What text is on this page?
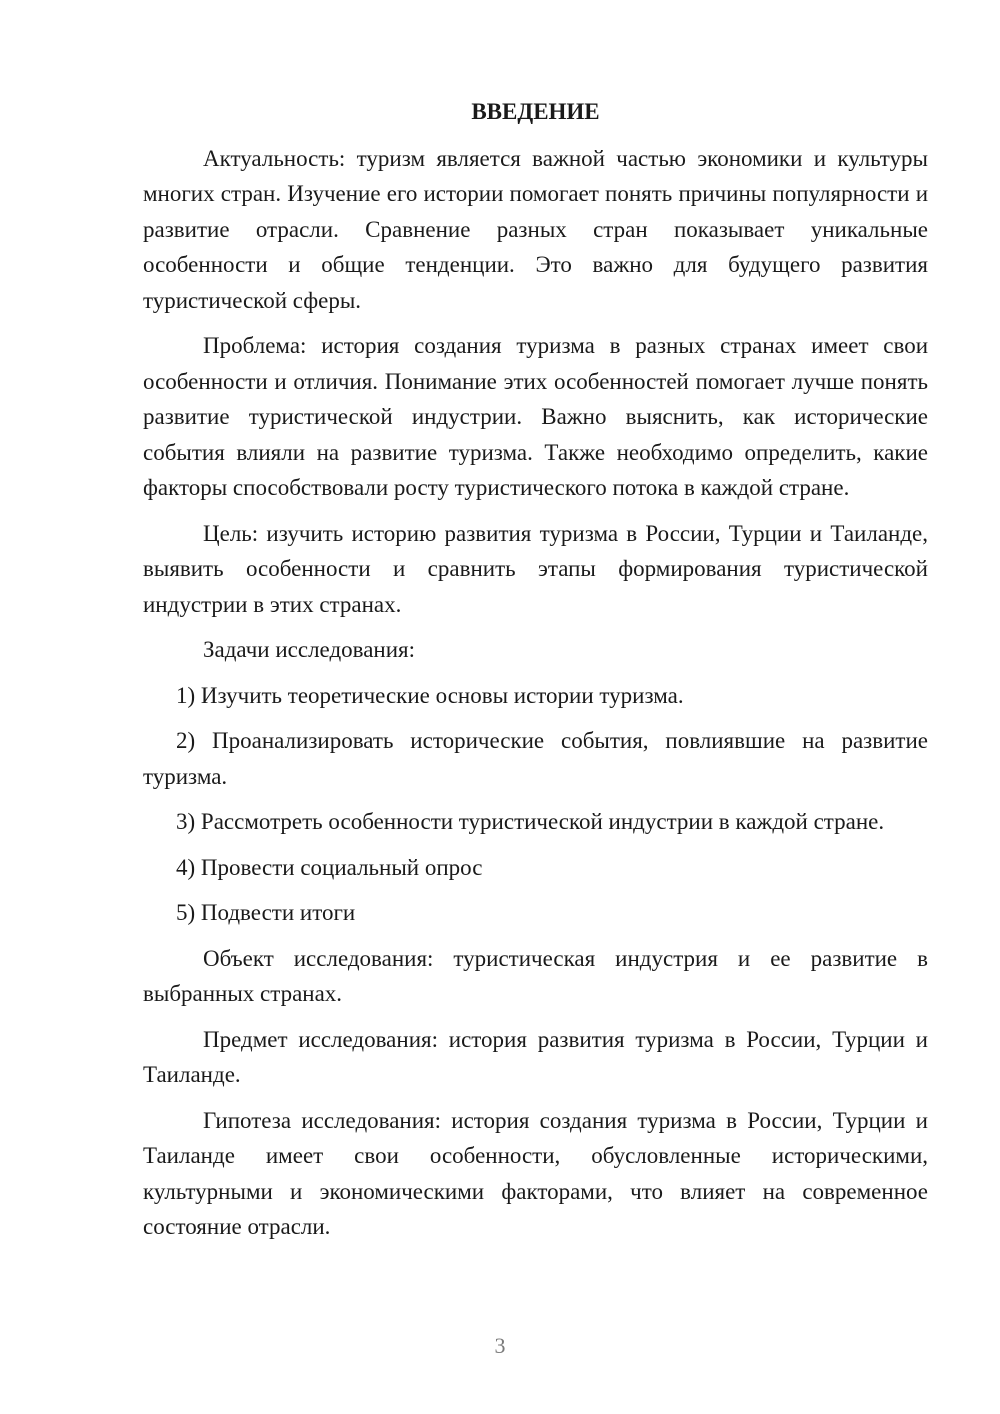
ВВЕДЕНИЕ

Актуальность: туризм является важной частью экономики и культуры многих стран. Изучение его истории помогает понять причины популярности и развитие отрасли. Сравнение разных стран показывает уникальные особенности и общие тенденции. Это важно для будущего развития туристической сферы.

Проблема: история создания туризма в разных странах имеет свои особенности и отличия. Понимание этих особенностей помогает лучше понять развитие туристической индустрии. Важно выяснить, как исторические события влияли на развитие туризма. Также необходимо определить, какие факторы способствовали росту туристического потока в каждой стране.

Цель: изучить историю развития туризма в России, Турции и Таиланде, выявить особенности и сравнить этапы формирования туристической индустрии в этих странах.

Задачи исследования:

1) Изучить теоретические основы истории туризма.

2) Проанализировать исторические события, повлиявшие на развитие туризма.

3) Рассмотреть особенности туристической индустрии в каждой стране.

4) Провести социальный опрос

5) Подвести итоги

Объект исследования: туристическая индустрия и ее развитие в выбранных странах.

Предмет исследования: история развития туризма в России, Турции и Таиланде.

Гипотеза исследования: история создания туризма в России, Турции и Таиланде имеет свои особенности, обусловленные историческими, культурными и экономическими факторами, что влияет на современное состояние отрасли.

3
